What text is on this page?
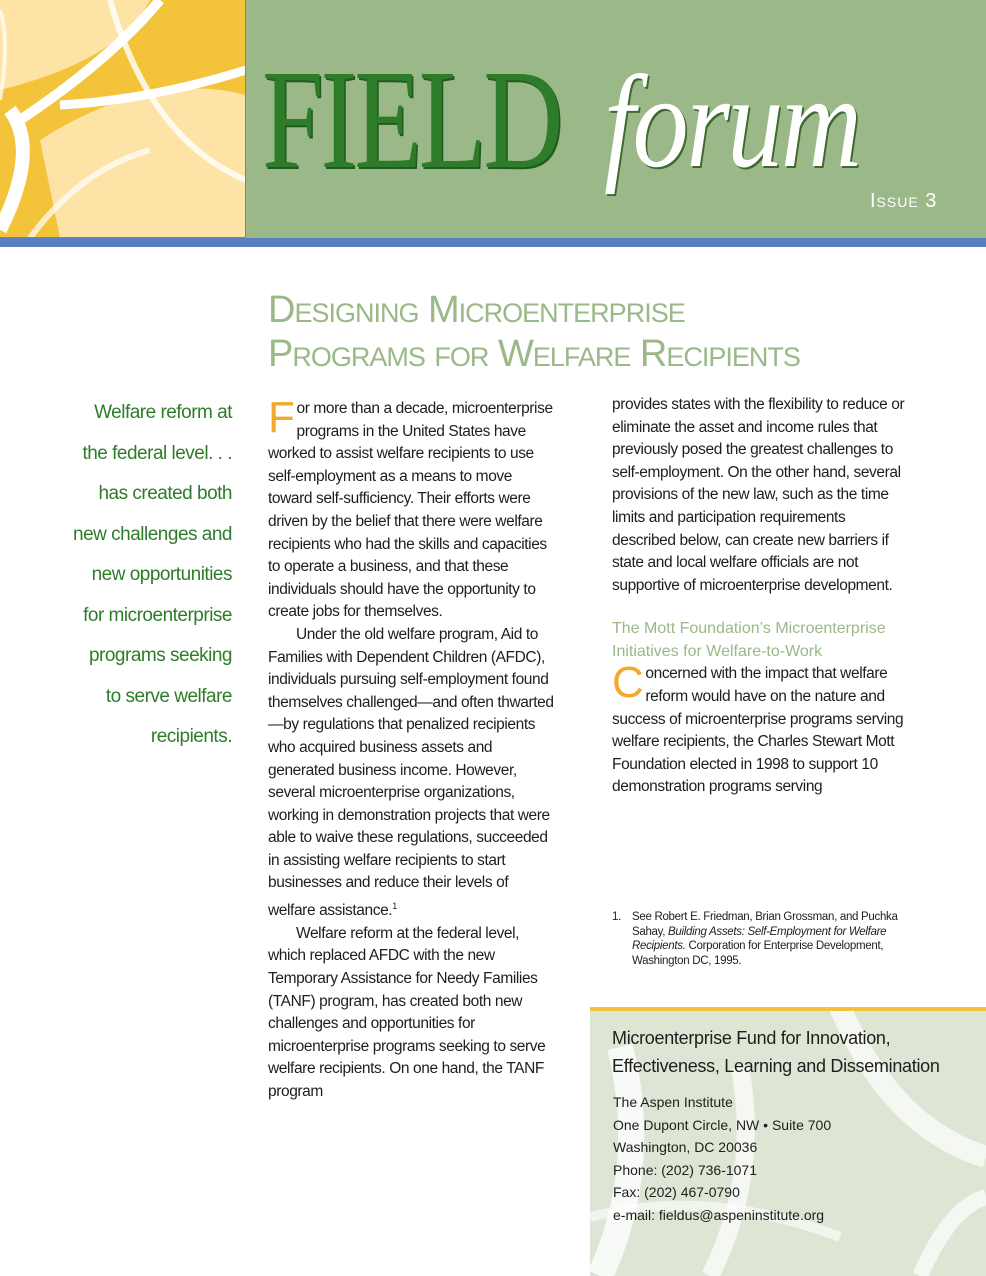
FIELD forum
Issue 3
Designing Microenterprise
Programs for Welfare Recipients
Welfare reform at
the federal level. . .
has created both
new challenges and
new opportunities
for microenterprise
programs seeking
to serve welfare
recipients.

For more than a decade, microenterprise programs in the United States have worked to assist welfare recipients to use self-employment as a means to move toward self-sufficiency. Their efforts were driven by the belief that there were welfare recipients who had the skills and capacities to operate a business, and that these individuals should have the opportunity to create jobs for themselves.

Under the old welfare program, Aid to Families with Dependent Children (AFDC), individuals pursuing self-employment found themselves challenged—and often thwarted—by regulations that penalized recipients who acquired business assets and generated business income. However, several microenterprise organizations, working in demonstration projects that were able to waive these regulations, succeeded in assisting welfare recipients to start businesses and reduce their levels of welfare assistance.$^1$

Welfare reform at the federal level, which replaced AFDC with the new Temporary Assistance for Needy Families (TANF) program, has created both new challenges and opportunities for microenterprise programs seeking to serve welfare recipients. On one hand, the TANF program

provides states with the flexibility to reduce or eliminate the asset and income rules that previously posed the greatest challenges to self-employment. On the other hand, several provisions of the new law, such as the time limits and participation requirements described below, can create new barriers if state and local welfare officials are not supportive of microenterprise development.

The Mott Foundation’s Microenterprise Initiatives for Welfare-to-Work

Concerned with the impact that welfare reform would have on the nature and success of microenterprise programs serving welfare recipients, the Charles Stewart Mott Foundation elected in 1998 to support 10 demonstration programs serving

1. See Robert E. Friedman, Brian Grossman, and Puchka Sahay, Building Assets: Self-Employment for Welfare Recipients. Corporation for Enterprise Development, Washington DC, 1995.
Microenterprise Fund for Innovation,
Effectiveness, Learning and Dissemination
The Aspen Institute
One Dupont Circle, NW • Suite 700
Washington, DC 20036
Phone: (202) 736-1071
Fax: (202) 467-0790
e-mail: fieldus@aspeninstitute.org
